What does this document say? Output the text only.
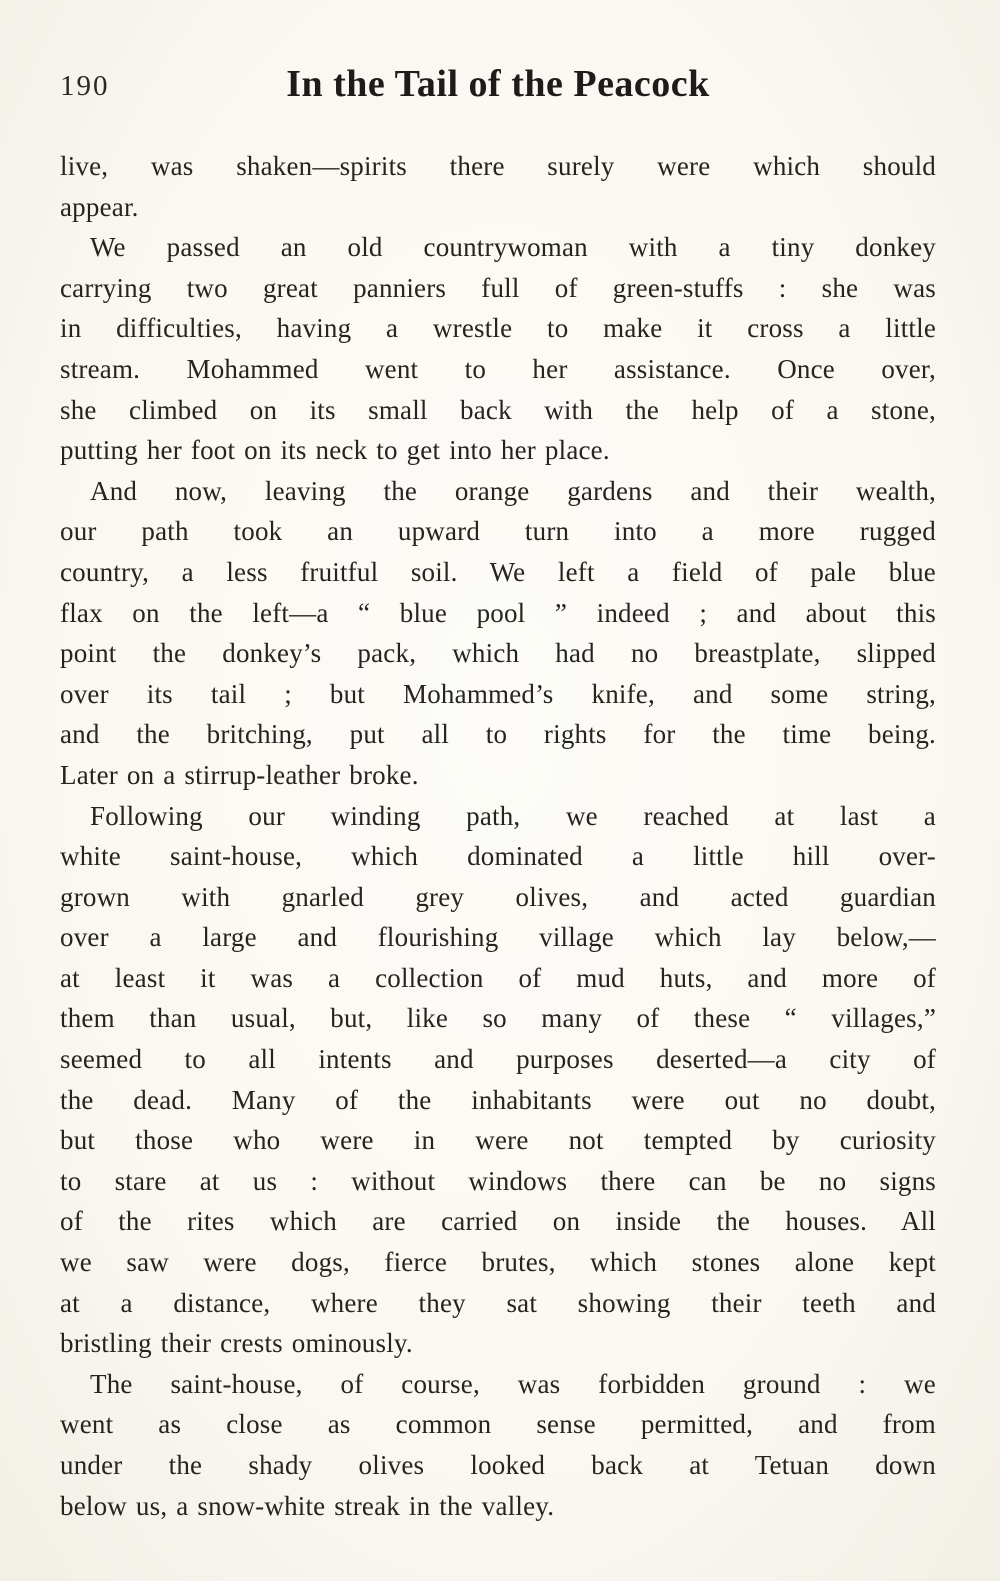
190	In the Tail of the Peacock
live, was shaken—spirits there surely were which should
appear.
We passed an old countrywoman with a tiny donkey
carrying two great panniers full of green-stuffs : she was
in difficulties, having a wrestle to make it cross a little
stream. Mohammed went to her assistance. Once over,
she climbed on its small back with the help of a stone,
putting her foot on its neck to get into her place.
And now, leaving the orange gardens and their wealth,
our path took an upward turn into a more rugged
country, a less fruitful soil. We left a field of pale blue
flax on the left—a “ blue pool ” indeed ; and about this
point the donkey’s pack, which had no breastplate, slipped
over its tail ; but Mohammed’s knife, and some string,
and the britching, put all to rights for the time being.
Later on a stirrup-leather broke.
Following our winding path, we reached at last a
white saint-house, which dominated a little hill over-
grown with gnarled grey olives, and acted guardian
over a large and flourishing village which lay below,—
at least it was a collection of mud huts, and more of
them than usual, but, like so many of these “ villages,”
seemed to all intents and purposes deserted—a city of
the dead. Many of the inhabitants were out no doubt,
but those who were in were not tempted by curiosity
to stare at us : without windows there can be no signs
of the rites which are carried on inside the houses. All
we saw were dogs, fierce brutes, which stones alone kept
at a distance, where they sat showing their teeth and
bristling their crests ominously.
The saint-house, of course, was forbidden ground : we
went as close as common sense permitted, and from
under the shady olives looked back at Tetuan down
below us, a snow-white streak in the valley.
